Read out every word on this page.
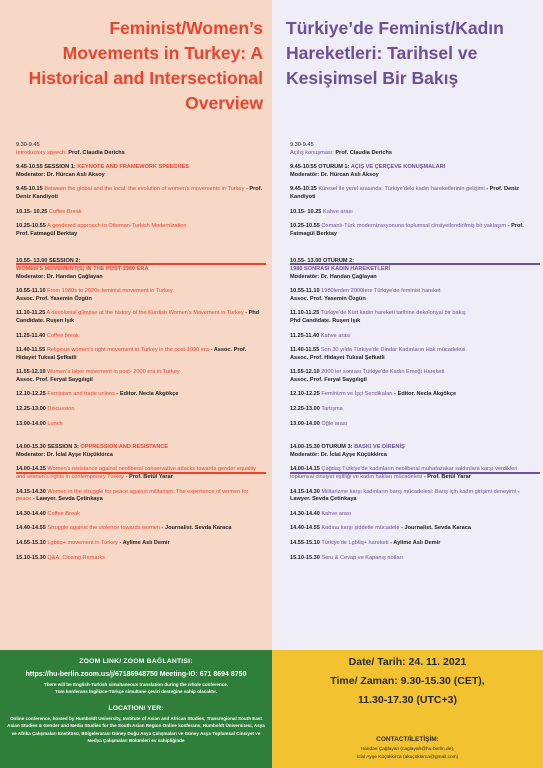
Feminist/Women’s
Movements in Turkey: A
Historical and Intersectional
Overview
Türkiye’de Feminist/Kadın
Hareketleri: Tarihsel ve
Kesişimsel Bir Bakış
9.30-9.45
Introductory speech: Prof. Claudia Derichs
9.45-10.55 SESSION 1: KEYNOTE AND FRAMEWORK SPEECHES
Moderator: Dr. Hürcan Aslı Aksoy
9.45-10.15 Between the global and the local: the evolution of women's movements in Turkey - Prof. Deniz Kandiyoti
10.15- 10.25 Coffee Break
10.25-10.55 A gendered approach to Ottoman-Turkish Modernization
Prof. Fatmagül Berktay
10.55- 13.00 SESSION 2:
WOMEN'S MOVEMENT(S) IN THE POST-1980 ERA
Moderator: Dr. Handan Çağlayan
10.55-11.10 From 1980s to 2020s feminist movement in Turkey
Assoc. Prof. Yasemin Özgün
11.10-11.25 A decolonial glimpse at the history of the Kurdish Women's Movement in Turkey - Phd Candidate. Ruşen Işık
11.25-11.40 Coffee break
11.40-11.55 Religious women's right movement in Turkey in the post-1990 era - Assoc. Prof. Hidayet Tuksal Şefkatli
11.55-12.10 Women's labor movement in post- 2000 era in Turkey
Assoc. Prof. Feryal Saygılıgil
12.10-12.25 Feminism and trade unions - Editor. Necla Akgökçe
12.25-13.00 Discussion
13.00-14.00 Lunch
14.00-15.30 SESSION 3: OPPRESSION AND RESISTANCE
Moderator: Dr. İclal Ayşe Küçükkirca
14.00-14.15 Women's resistance against neoliberal conservative attacks towards gender equality and women's rights in contemporary Turkey - Prof. Betül Yarar
14.15-14.30 Women in the struggle for peace against militarism: The experience of women for peace - Lawyer. Sevda Çetinkaya
14.30-14.40 Coffee Break
14.40-14.55 Struggle against the violence towards women - Journalist. Sevda Karaca
14.55-15.10 Lgbtiq+ movement in Turkey - Aylime Aslı Demir
15.10-15.30 Q&A, Closing Remarks
9.30-9.45
Açılış konuşması: Prof. Claudia Derichs
9.45-10.55 OTURUM 1: AÇIŞ VE ÇERÇEVE KONUŞMALARI
Moderatör: Dr. Hürcan Aslı Aksoy
9.45-10.15 Küresel ile yerel arasında: Türkiye'deki kadın hareketlerinin gelişimi - Prof. Deniz Kandiyoti
10.15- 10.25 Kahve arası
10.25-10.55 Osmanlı-Türk modernizasyonuna toplumsal cinsiyetlendirilmiş bir yaklaşım - Prof. Fatmagül Berktay
10.55- 13.00 OTURUM 2:
1980 SONRASI KADIN HAREKETLERİ
Moderatör: Dr. Handan Çağlayan
10.55-11.10 1980lerden 2000lere Türkiye'de feminist hareket
Assoc. Prof. Yasemin Özgün
11.10-11.25 Türkiye'de Kürt kadın hareketi tarihine dekolonyal bir bakış
Phd Candidate. Ruşen Işık
11.25-11.40 Kahve arası
11.40-11.55 Son 30 yılda Türkiye'de Dindar Kadınların Hak mücadelesi
Assoc. Prof. Hidayet Tuksal Şefkatli
11.55-12.10 2000 ler sonrası Türkiye'de Kadın Emeği Hareketi
Assoc. Prof. Feryal Saygılıgil
12.10-12.25 Feminizm ve İşçi Sendikaları - Editor. Necla Akgökçe
12.25-13.00 Tartışma
13.00-14.00 Öğle arası
14.00-15.30 OTURUM 3: BASKI VE DİRENİŞ
Moderatör: Dr. İclal Ayşe Küçükkirca
14.00-14.15 Çağdaş Türkiye'de kadınların neoliberal muhafazakar saldırılara karşı verdikleri toplumsal cinsiyet eşitliği ve kadın hakları mücadelesi - Prof. Betül Yarar
14.15-14.30 Militarizme karşı kadınların barış mücadelesi: Barış için kadın girişimi deneyimi - Lawyer. Sevda Çetinkaya
14.30-14.40 Kahve arası
14.40-14.55 Kadına karşı şiddetle mücadele - Journalist. Sevda Karaca
14.55-15.10 Türkiye'de Lgbtiq+ hareketi - Aylime Aslı Demir
15.10-15.30 Soru & Cevap ve Kapanış notları
ZOOM LINK/ ZOOM BAĞLANTISI:
https://hu-berlin.zoom.us/j/67186948750 Meeting-ID: 671 8694 8750
There will be English-Turkish simultaneous translation during the whole conference.
Tüm konferans İngilizce-Türkçe simultane çeviri desteğine sahip olacaktır.
LOCATION/ YER:
Online conference, hosted by Humboldt University, Institute of Asian and African Studies, Transregional South East Asian Studies & Gender and Media Studies for the South Asian Region Online konferans, Humboldt Üniversitesi, Asya ve Afrika Çalışmaları Enstitüsü, Bölgelerarası Güney Doğu Asya Çalışmaları ve Güney Asya Toplumsal Cinsiyet ve Medya Çalışmaları Bölümleri ev sahipliğinde
Date/ Tarih: 24. 11. 2021
Time/ Zaman: 9.30-15.30 (CET),
11.30-17.30 (UTC+3)
CONTACT/İLETİŞİM:
Handan Çağlayan (caglayah@hu-berlin.de),
İclal Ayşe Küçükkirca (akuçükkirca@gmail.com)
